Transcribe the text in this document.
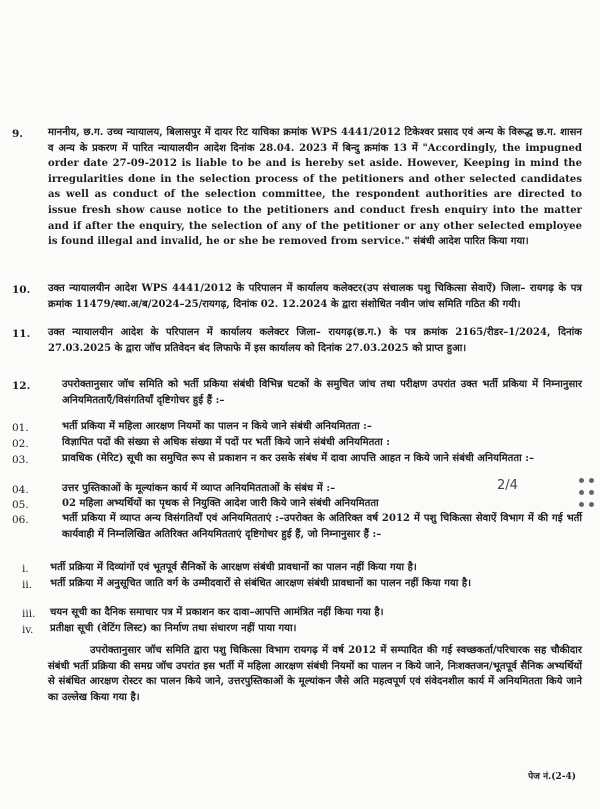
9.	माननीय, छ.ग. उच्च न्यायालय, बिलासपुर में दायर रिट याचिका क्रमांक WPS 4441/2012 टिकेश्वर प्रसाद एवं अन्य के विरूद्ध छ.ग. शासन व अन्य के प्रकरण में पारित न्यायालयीन आदेश दिनांक 28.04. 2023 में बिन्दु क्रमांक 13 में "Accordingly, the impugned order date 27-09-2012 is liable to be and is hereby set aside. However, Keeping in mind the irregularities done in the selection process of the petitioners and other selected candidates as well as conduct of the selection committee, the respondent authorities are directed to issue fresh show cause notice to the petitioners and conduct fresh enquiry into the matter and if after the enquiry, the selection of any of the petitioner or any other selected employee is found illegal and invalid, he or she be removed from service." संबंधी आदेश पारित किया गया।
10. उक्त न्यायालयीन आदेश WPS 4441/2012 के परिपालन में कार्यालय कलेक्टर(उप संचालक पशु चिकित्सा सेवाऐं) जिला– रायगढ़ के पत्र क्रमांक 11479/स्था.अ/ब/2024–25/रायगढ़, दिनांक 02. 12.2024 के द्वारा संशोधित नवीन जांच समिति गठित की गयी।
11. उक्त न्यायालयीन आदेश के परिपालन में कार्यालय कलेक्टर जिला– रायगढ़(छ.ग.) के पत्र क्रमांक 2165/रीडर–1/2024, दिनांक 27.03.2025 के द्वारा जॉच प्रतिवेदन बंद लिफाफे में इस कार्यालय को दिनांक 27.03.2025 को प्राप्त हुआ।
12.	उपरोक्तानुसार जॉच समिति को भर्ती प्रकिया संबंधी विभिन्न घटकों के समुचित जांच तथा परीक्षण उपरांत उक्त भर्ती प्रकिया में निम्नानुसार अनियमितताएँ/विसंगतियॉं दृष्टिगोचर हुई हैं :–
01.	भर्ती प्रकिया में महिला आरक्षण नियमों का पालन न किये जाने संबंधी अनियमितता :–
02.	विज्ञापित पदों की संख्या से अधिक संख्या में पदों पर भर्ती किये जाने संबंधी अनियमितता :
03.	प्रावधिक (मेरिट) सूची का समुचित रूप से प्रकाशन न कर उसके संबंध में दावा आपत्ति आहत न किये जाने संबंधी अनियमितता :–
04.	उत्तर पुस्तिकाओं के मूल्यांकन कार्य में व्याप्त अनियमितताओं के संबंध में :–
05.	02 महिला अभ्यर्थियों का पृथक से नियुक्ति आदेश जारी किये जाने संबंधी अनियमितता
06.	भर्ती प्रकिया में व्याप्त अन्य विसंगतियॉं एवं अनियमितताएं :–उपरोक्त के अतिरिक्त वर्ष 2012 में पशु चिकित्सा सेवाऐं विभाग में की गई भर्ती कार्यवाही में निम्नलिखित अतिरिक्त अनियमितताएं दृष्टिगोचर हुई हैं, जो निम्नानुसार हैं :–
i. भर्ती प्रक्रिया में दिव्यांगों एवं भूतपूर्व सैनिकों के आरक्षण संबंधी प्रावधानों का पालन नहीं किया गया है।
ii. भर्ती प्रक्रिया में अनुसूचित जाति वर्ग के उम्मीदवारों से संबंधित आरक्षण संबंधी प्रावधानों का पालन नहीं किया गया है।
iii. चयन सूची का दैनिक समाचार पत्र में प्रकाशन कर दावा–आपत्ति आमंत्रित नहीं किया गया है।
iv. प्रतीक्षा सूची (वेटिंग लिस्ट) का निर्माण तथा संधारण नहीं पाया गया।
उपरोक्तानुसार जॉच समिति द्वारा पशु चिकित्सा विभाग रायगढ़ में वर्ष 2012 में सम्पादित की गई स्वच्छकर्ता/परिचारक सह चौकीदार संबंधी भर्ती प्रक्रिया की समग्र जॉच उपरांत इस भर्ती में महिला आरक्षण संबंधी नियमों का पालन न किये जाने, निःशक्तजन/भूतपूर्व सैनिक अभ्यर्थियों से संबंधित आरक्षण रोस्टर का पालन किये जाने, उत्तरपुस्तिकाओं के मूल्यांकन जैसे अति महत्वपूर्ण एवं संवेदनशील कार्य में अनियमितता किये जाने का उल्लेख किया गया है।
2/4
पेज नं.(2-4)
